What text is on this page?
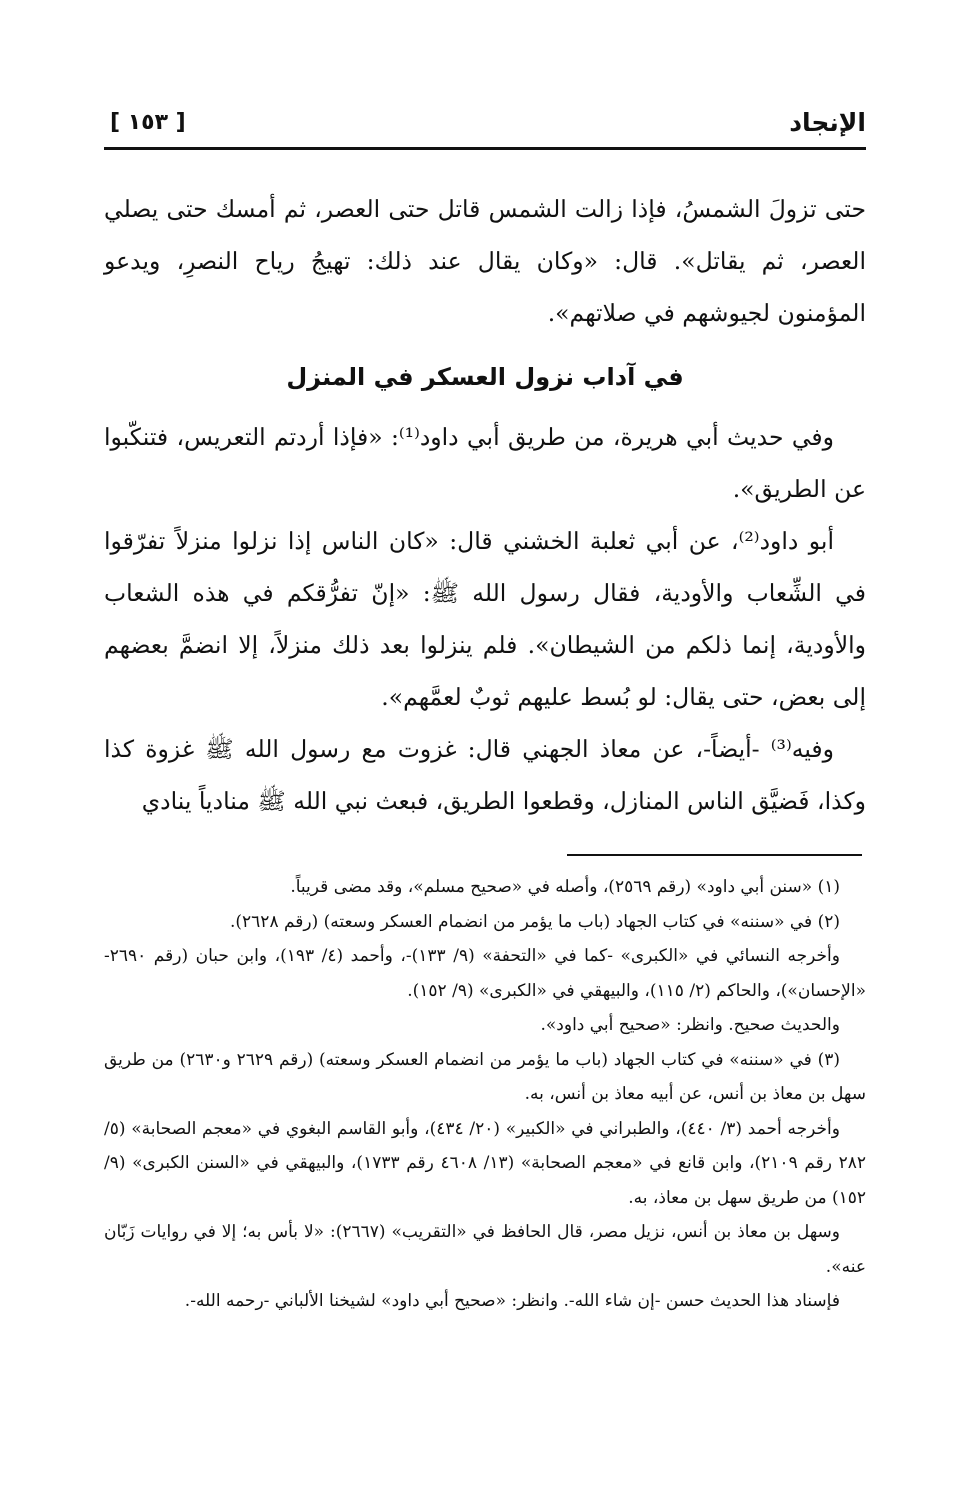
الإنجاد
[ ١٥٣ ]

حتى تزولَ الشمسُ، فإذا زالت الشمس قاتل حتى العصر، ثم أمسك حتى يصلي العصر، ثم يقاتل». قال: «وكان يقال عند ذلك: تهيجُ رياح النصرِ، ويدعو المؤمنون لجيوشهم في صلاتهم».

في آداب نزول العسكر في المنزل

وفي حديث أبي هريرة، من طريق أبي داود⁽¹⁾: «فإذا أردتم التعريس، فتنكّبوا عن الطريق».

أبو داود⁽²⁾، عن أبي ثعلبة الخشني قال: «كان الناس إذا نزلوا منزلاً تفرّقوا في الشِّعاب والأودية، فقال رسول الله ﷺ: «إنّ تفرُّقكم في هذه الشعاب والأودية، إنما ذلكم من الشيطان». فلم ينزلوا بعد ذلك منزلاً، إلا انضمَّ بعضهم إلى بعض، حتى يقال: لو بُسط عليهم ثوبٌ لعمَّهم».

وفيه⁽³⁾ -أيضاً-، عن معاذ الجهني قال: غزوت مع رسول الله ﷺ غزوة كذا وكذا، فَضيَّق الناس المنازل، وقطعوا الطريق، فبعث نبي الله ﷺ منادياً ينادي

(١) «سنن أبي داود» (رقم ٢٥٦٩)، وأصله في «صحيح مسلم»، وقد مضى قريباً.

(٢) في «سننه» في كتاب الجهاد (باب ما يؤمر من انضمام العسكر وسعته) (رقم ٢٦٢٨).

وأخرجه النسائي في «الكبرى» -كما في «التحفة» (٩/ ١٣٣)-، وأحمد (٤/ ١٩٣)، وابن حبان (رقم ٢٦٩٠- «الإحسان»)، والحاكم (٢/ ١١٥)، والبيهقي في «الكبرى» (٩/ ١٥٢).

والحديث صحيح. وانظر: «صحيح أبي داود».

(٣) في «سننه» في كتاب الجهاد (باب ما يؤمر من انضمام العسكر وسعته) (رقم ٢٦٢٩ و٢٦٣٠) من طريق سهل بن معاذ بن أنس، عن أبيه معاذ بن أنس، به.

وأخرجه أحمد (٣/ ٤٤٠)، والطبراني في «الكبير» (٢٠/ ٤٣٤)، وأبو القاسم البغوي في «معجم الصحابة» (٥/ ٢٨٢ رقم ٢١٠٩)، وابن قانع في «معجم الصحابة» (١٣/ ٤٦٠٨ رقم ١٧٣٣)، والبيهقي في «السنن الكبرى» (٩/ ١٥٢) من طريق سهل بن معاذ، به.

وسهل بن معاذ بن أنس، نزيل مصر، قال الحافظ في «التقريب» (٢٦٦٧): «لا بأس به؛ إلا في روايات زَبّان عنه».

فإسناد هذا الحديث حسن -إن شاء الله-. وانظر: «صحيح أبي داود» لشيخنا الألباني -رحمه الله-.
